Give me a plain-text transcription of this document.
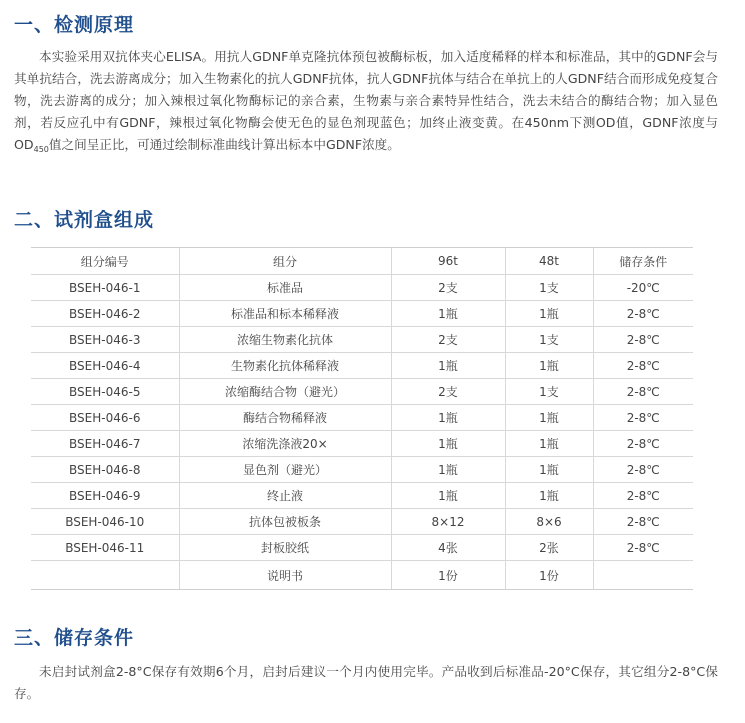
一、检测原理

本实验采用双抗体夹心ELISA。用抗人GDNF单克隆抗体预包被酶标板，加入适度稀释的样本和标准品，其中的GDNF会与其单抗结合，洗去游离成分；加入生物素化的抗人GDNF抗体，抗人GDNF抗体与结合在单抗上的人GDNF结合而形成免疫复合物，洗去游离的成分；加入辣根过氧化物酶标记的亲合素，生物素与亲合素特异性结合，洗去未结合的酶结合物；加入显色剂，若反应孔中有GDNF，辣根过氧化物酶会使无色的显色剂现蓝色；加终止液变黄。在450nm下测OD值，GDNF浓度与$OD_{450}$值之间呈正比，可通过绘制标准曲线计算出标本中GDNF浓度。

二、试剂盒组成
组分编号	组分	96t	48t	储存条件
BSEH-046-1	标准品	2支	1支	-20℃
BSEH-046-2	标准品和标本稀释液	1瓶	1瓶	2-8℃
BSEH-046-3	浓缩生物素化抗体	2支	1支	2-8℃
BSEH-046-4	生物素化抗体稀释液	1瓶	1瓶	2-8℃
BSEH-046-5	浓缩酶结合物（避光）	2支	1支	2-8℃
BSEH-046-6	酶结合物稀释液	1瓶	1瓶	2-8℃
BSEH-046-7	浓缩洗涤液20×	1瓶	1瓶	2-8℃
BSEH-046-8	显色剂（避光）	1瓶	1瓶	2-8℃
BSEH-046-9	终止液	1瓶	1瓶	2-8℃
BSEH-046-10	抗体包被板条	8×12	8×6	2-8℃
BSEH-046-11	封板胶纸	4张	2张	2-8℃
	说明书	1份	1份	
三、储存条件

未启封试剂盒2-8°C保存有效期6个月，启封后建议一个月内使用完毕。产品收到后标准品-20°C保存，其它组分2-8°C保存。
